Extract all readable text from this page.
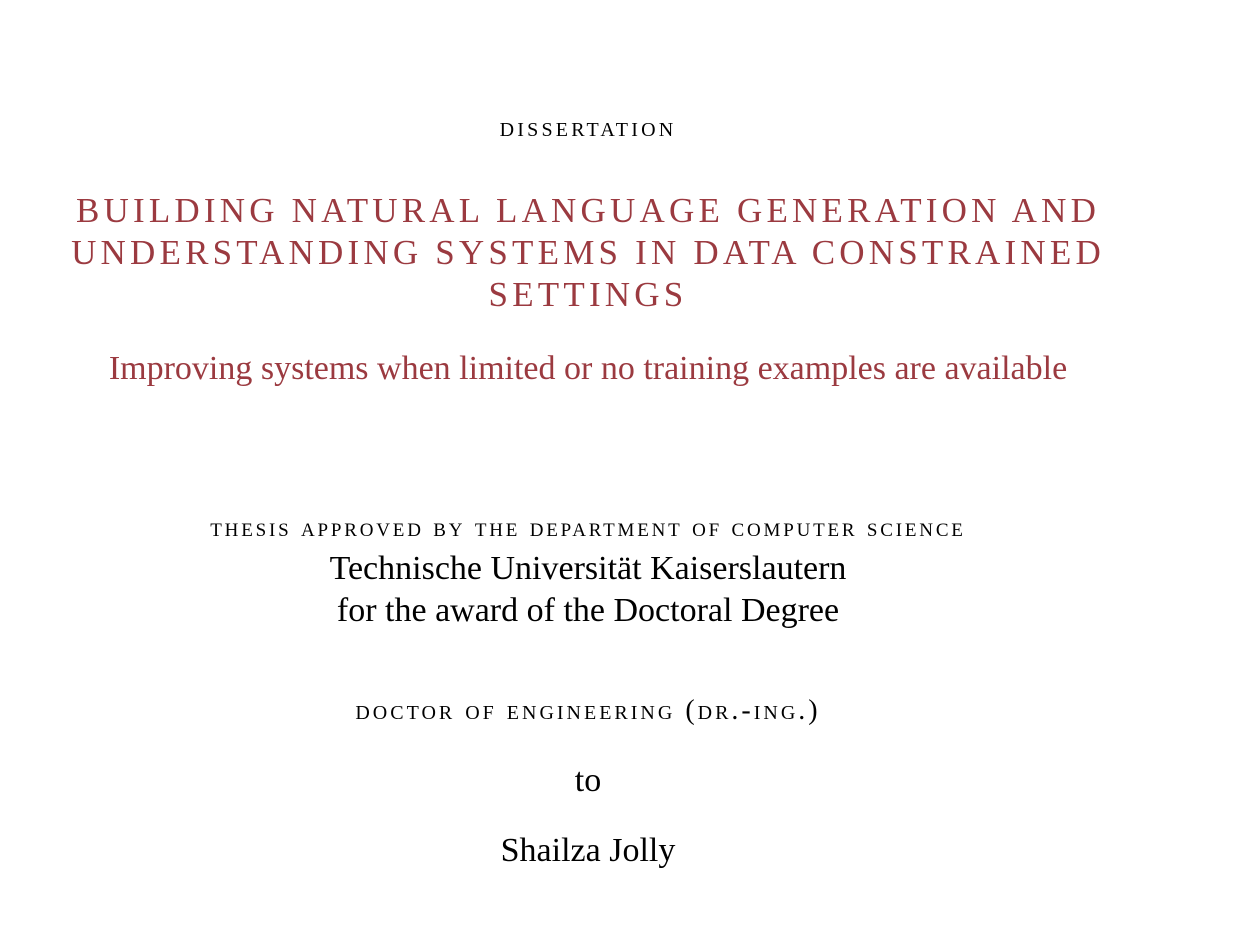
dissertation
BUILDING NATURAL LANGUAGE GENERATION AND UNDERSTANDING SYSTEMS IN DATA CONSTRAINED SETTINGS
Improving systems when limited or no training examples are available
thesis approved by the department of computer science
Technische Universität Kaiserslautern
for the award of the Doctoral Degree
doctor of engineering (dr.-ing.)
to
Shailza Jolly
